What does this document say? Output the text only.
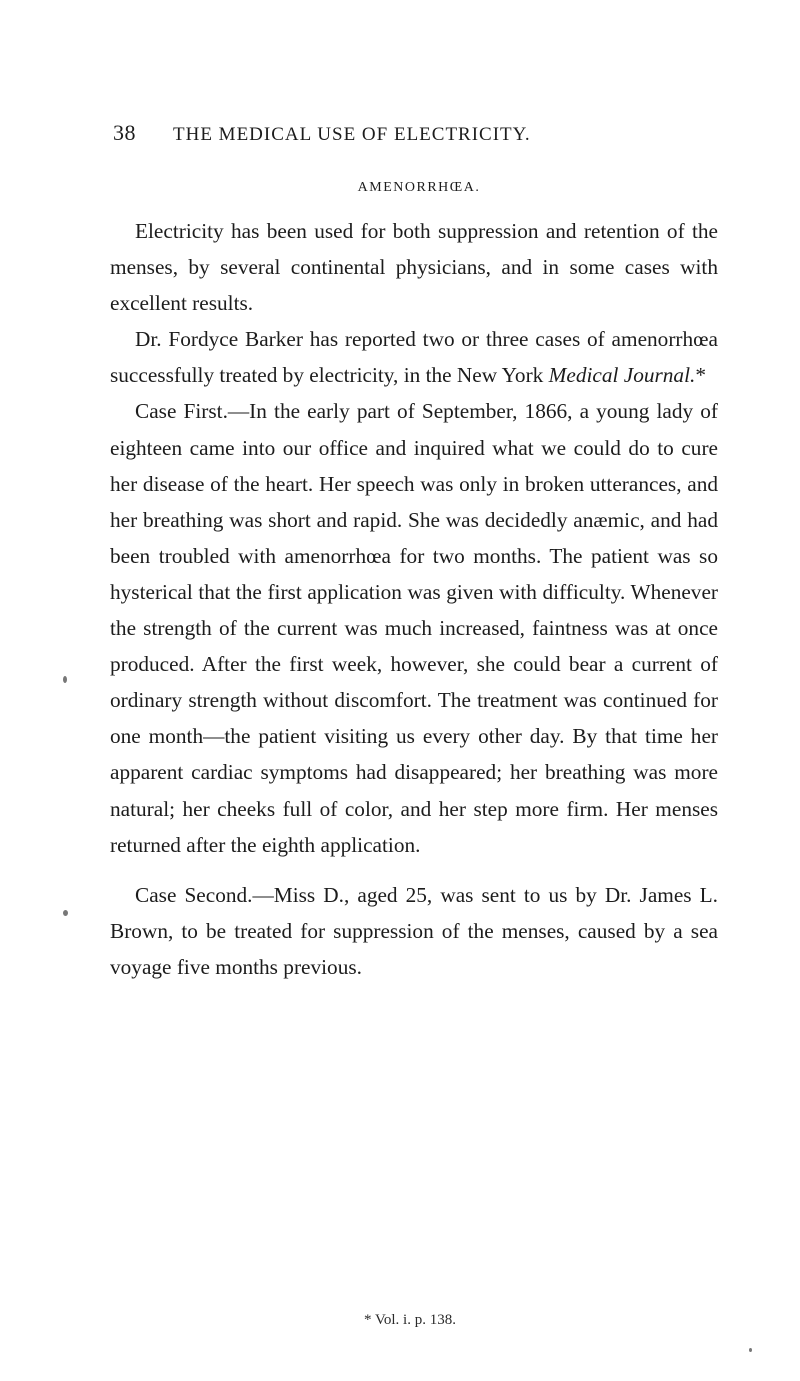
38 THE MEDICAL USE OF ELECTRICITY.
AMENORRHŒA.

Electricity has been used for both suppression and retention of the menses, by several continental physicians, and in some cases with excellent results.

Dr. Fordyce Barker has reported two or three cases of amenorrhœa successfully treated by electricity, in the New York Medical Journal.*

Case First.—In the early part of September, 1866, a young lady of eighteen came into our office and inquired what we could do to cure her disease of the heart. Her speech was only in broken utterances, and her breathing was short and rapid. She was decidedly anæmic, and had been troubled with amenorrhœa for two months. The patient was so hysterical that the first application was given with difficulty. Whenever the strength of the current was much increased, faintness was at once produced. After the first week, however, she could bear a current of ordinary strength without discomfort. The treatment was continued for one month—the patient visiting us every other day. By that time her apparent cardiac symptoms had disappeared; her breathing was more natural; her cheeks full of color, and her step more firm. Her menses returned after the eighth application.

Case Second.—Miss D., aged 25, was sent to us by Dr. James L. Brown, to be treated for suppression of the menses, caused by a sea voyage five months previous.

* Vol. i. p. 138.
